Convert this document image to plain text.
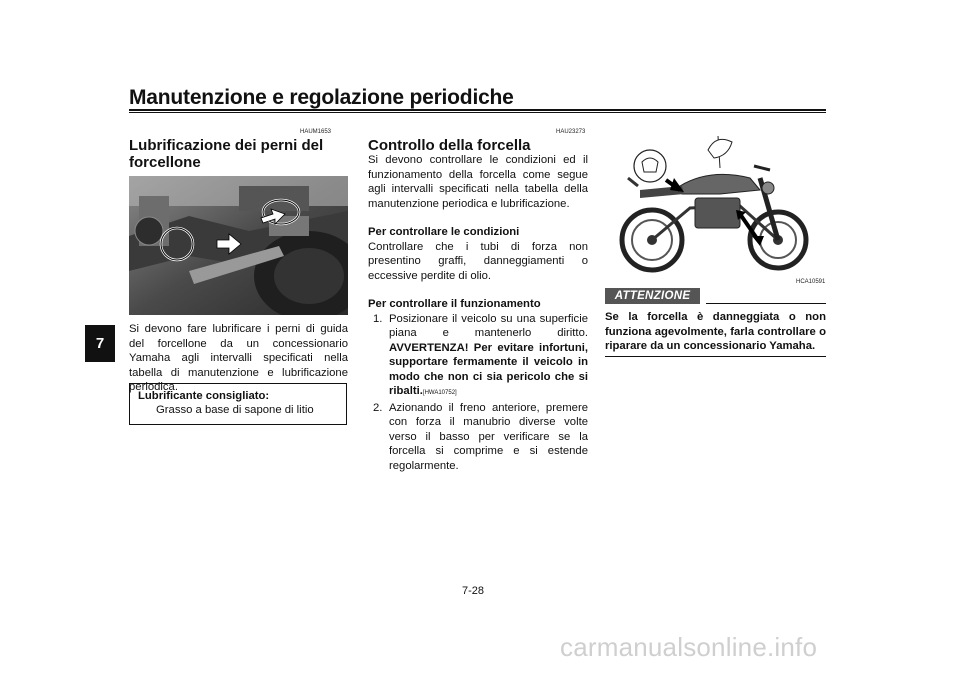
Manutenzione e regolazione periodiche
7
HAUM1653
Lubrificazione dei perni del forcellone
Si devono fare lubrificare i perni di guida del forcellone da un concessionario Yamaha agli intervalli specificati nella tabella di manutenzione e lubrificazione periodica.
Lubrificante consigliato:
Grasso a base di sapone di litio
HAU23273
Controllo della forcella

Si devono controllare le condizioni ed il funzionamento della forcella come segue agli intervalli specificati nella tabella della manutenzione periodica e lubrificazione.

Per controllare le condizioni

Controllare che i tubi di forza non presentino graffi, danneggiamenti o eccessive perdite di olio.

Per controllare il funzionamento

1. Posizionare il veicolo su una superficie piana e mantenerlo diritto. AVVERTENZA! Per evitare infortuni, supportare fermamente il veicolo in modo che non ci sia pericolo che si ribalti.[HWA10752]
2. Azionando il freno anteriore, premere con forza il manubrio diverse volte verso il basso per verificare se la forcella si comprime e si estende regolarmente.
HCA10591
ATTENZIONE
Se la forcella è danneggiata o non funziona agevolmente, farla controllare o riparare da un concessionario Yamaha.
7-28
carmanualsonline.info
